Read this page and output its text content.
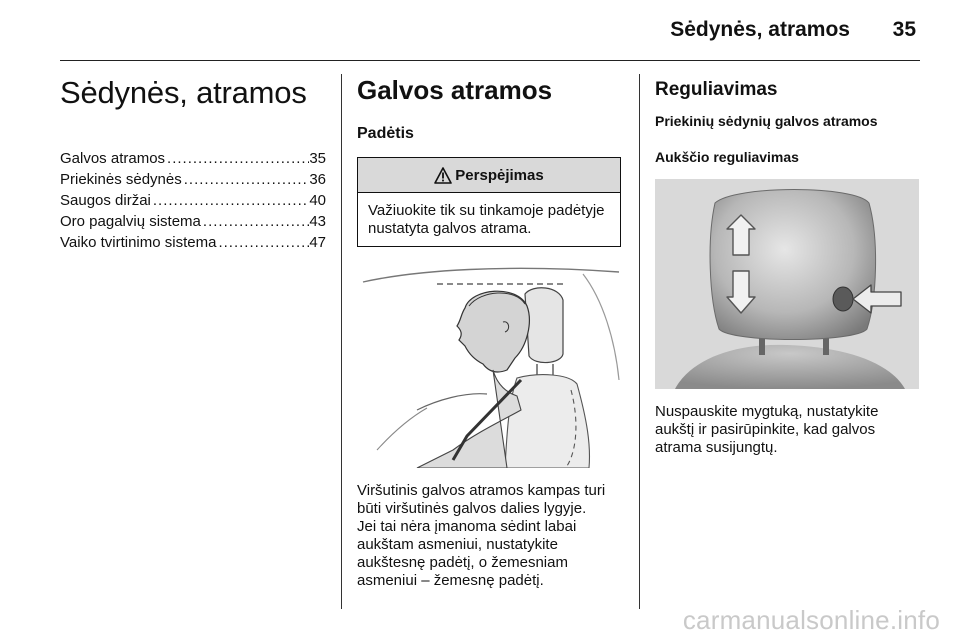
Sėdynės, atramos 35
Sėdynės, atramos
Galvos atramos .....	35
Priekinės sėdynės .....	36
Saugos diržai .....	40
Oro pagalvių sistema .....	43
Vaiko tvirtinimo sistema .....	47
Galvos atramos
Padėtis
Perspėjimas
Važiuokite tik su tinkamoje padėtyje nustatyta galvos atrama.

Viršutinis galvos atramos kampas turi

būti viršutinės galvos dalies lygyje.

Jei tai nėra įmanoma sėdint labai

aukštam asmeniui, nustatykite

aukštesnę padėtį, o žemesniam

asmeniui – žemesnę padėtį.

Reguliavimas
Priekinių sėdynių galvos atramos
Aukščio reguliavimas

Nuspauskite mygtuką, nustatykite

aukštį ir pasirūpinkite, kad galvos

atrama susijungtų.

carmanualsonline.info
